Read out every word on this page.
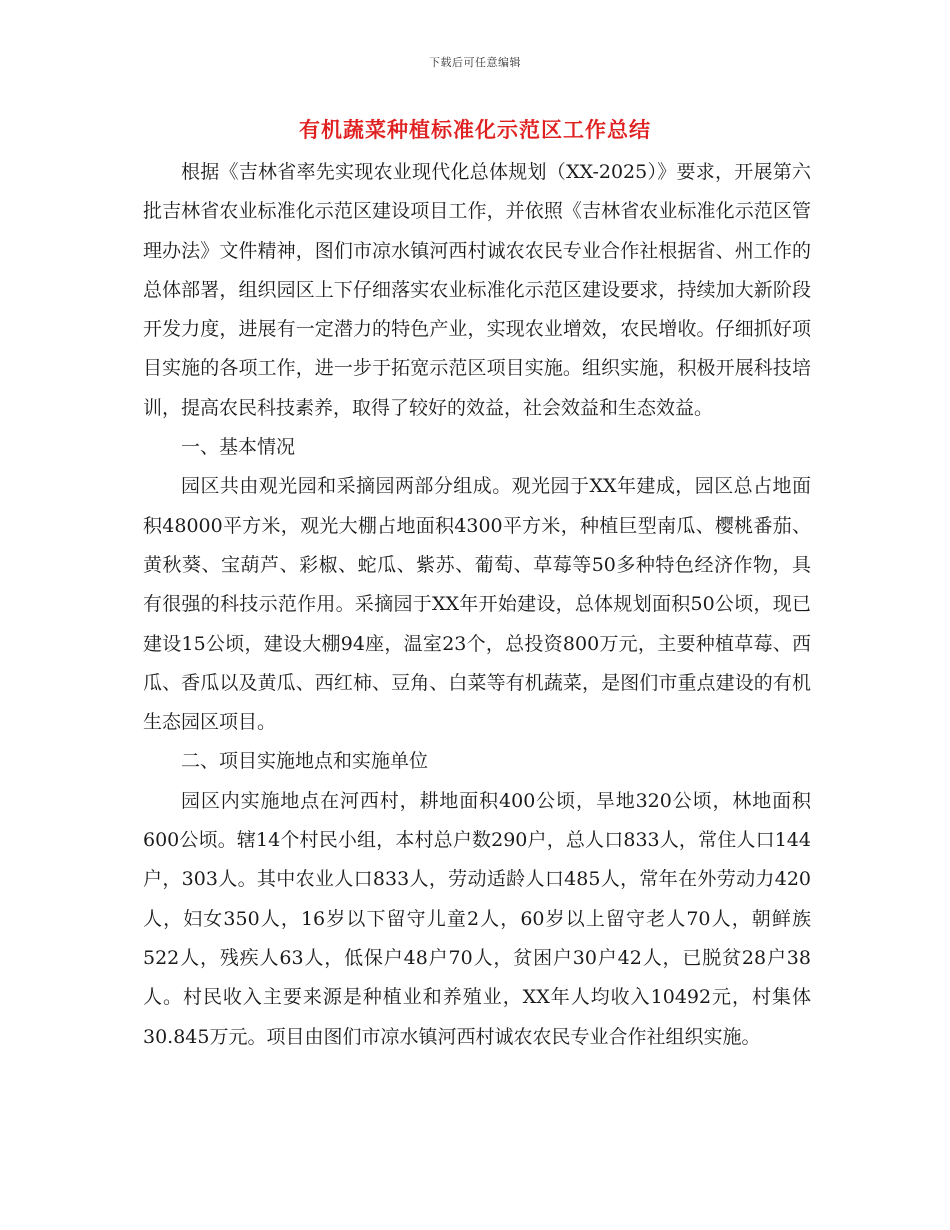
下载后可任意编辑
有机蔬菜种植标准化示范区工作总结

根据《吉林省率先实现农业现代化总体规划（XX-2025）》要求，开展第六批吉林省农业标准化示范区建设项目工作，并依照《吉林省农业标准化示范区管理办法》文件精神，图们市凉水镇河西村诚农农民专业合作社根据省、州工作的总体部署，组织园区上下仔细落实农业标准化示范区建设要求，持续加大新阶段开发力度，进展有一定潜力的特色产业，实现农业增效，农民增收。仔细抓好项目实施的各项工作，进一步于拓宽示范区项目实施。组织实施，积极开展科技培训，提高农民科技素养，取得了较好的效益，社会效益和生态效益。

一、基本情况

园区共由观光园和采摘园两部分组成。观光园于XX年建成，园区总占地面积48000平方米，观光大棚占地面积4300平方米，种植巨型南瓜、樱桃番茄、黄秋葵、宝葫芦、彩椒、蛇瓜、紫苏、葡萄、草莓等50多种特色经济作物，具有很强的科技示范作用。采摘园于XX年开始建设，总体规划面积50公顷，现已建设15公顷，建设大棚94座，温室23个，总投资800万元，主要种植草莓、西瓜、香瓜以及黄瓜、西红柿、豆角、白菜等有机蔬菜，是图们市重点建设的有机生态园区项目。

二、项目实施地点和实施单位

园区内实施地点在河西村，耕地面积400公顷，旱地320公顷，林地面积600公顷。辖14个村民小组，本村总户数290户，总人口833人，常住人口144户，303人。其中农业人口833人，劳动适龄人口485人，常年在外劳动力420人，妇女350人，16岁以下留守儿童2人，60岁以上留守老人70人，朝鲜族522人，残疾人63人，低保户48户70人，贫困户30户42人，已脱贫28户38人。村民收入主要来源是种植业和养殖业，XX年人均收入10492元，村集体30.845万元。项目由图们市凉水镇河西村诚农农民专业合作社组织实施。
